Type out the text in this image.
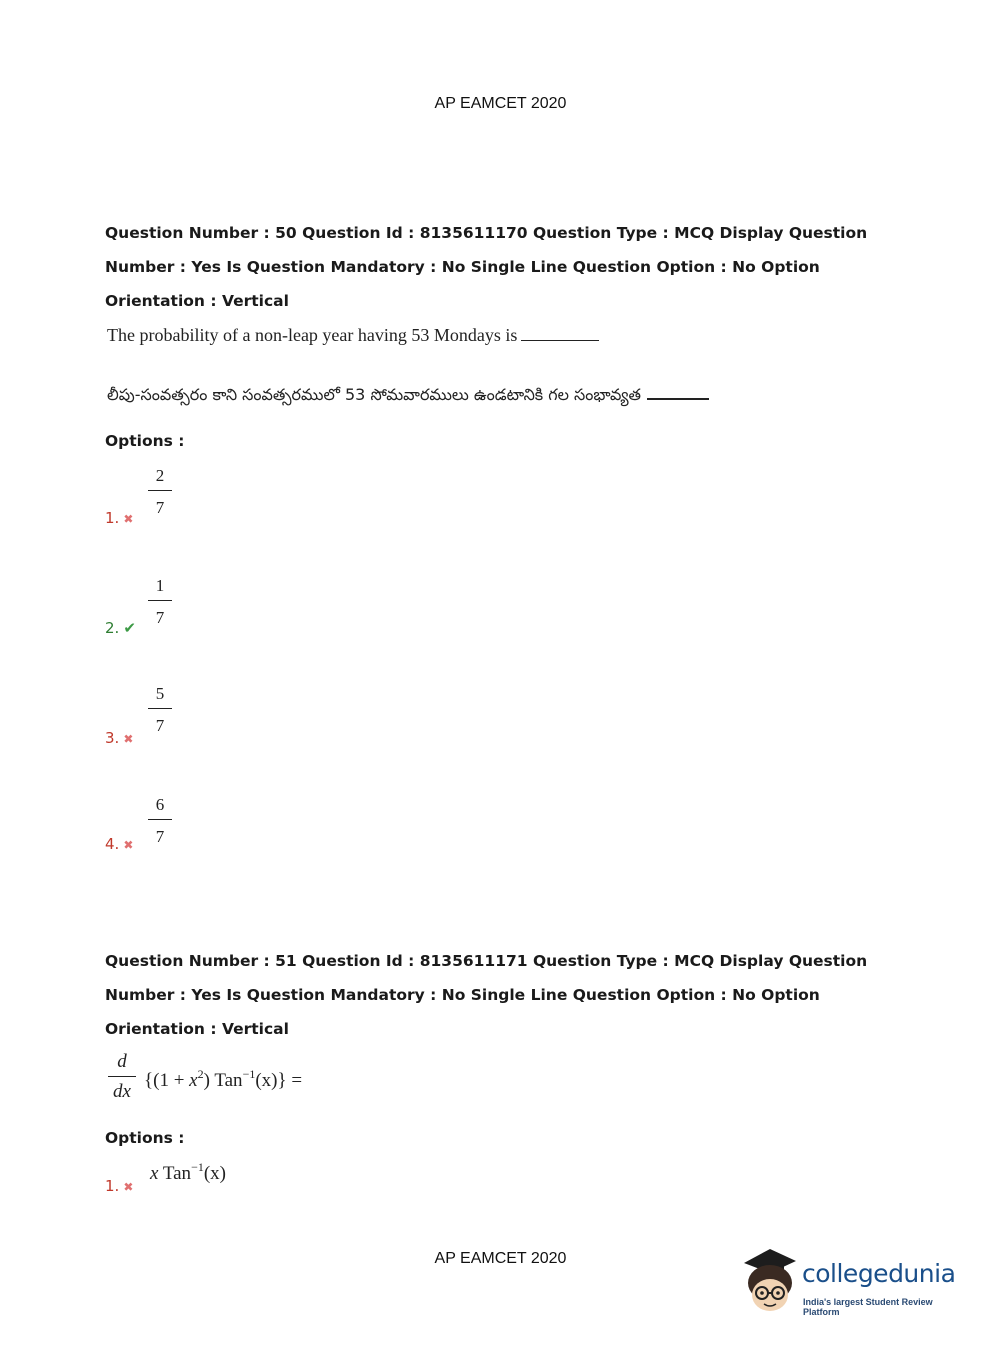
AP EAMCET 2020
Question Number : 50 Question Id : 8135611170 Question Type : MCQ Display Question
Number : Yes Is Question Mandatory : No Single Line Question Option : No Option
Orientation : Vertical
The probability of a non-leap year having 53 Mondays is
లీపు-సంవత్సరం కాని సంవత్సరములో 53 సోమవారములు ఉండటానికి గల సంభావ్యత
Options :
1. ✖
2
7
2. ✔
1
7
3. ✖
5
7
4. ✖
6
7
Question Number : 51 Question Id : 8135611171 Question Type : MCQ Display Question
Number : Yes Is Question Mandatory : No Single Line Question Option : No Option
Orientation : Vertical
d
dx
{$(1 + x^2)$ Tan$^{-1}$(x)} =
Options :
1. ✖
x Tan$^{-1}$(x)
AP EAMCET 2020
collegedunia
India's largest Student Review Platform
